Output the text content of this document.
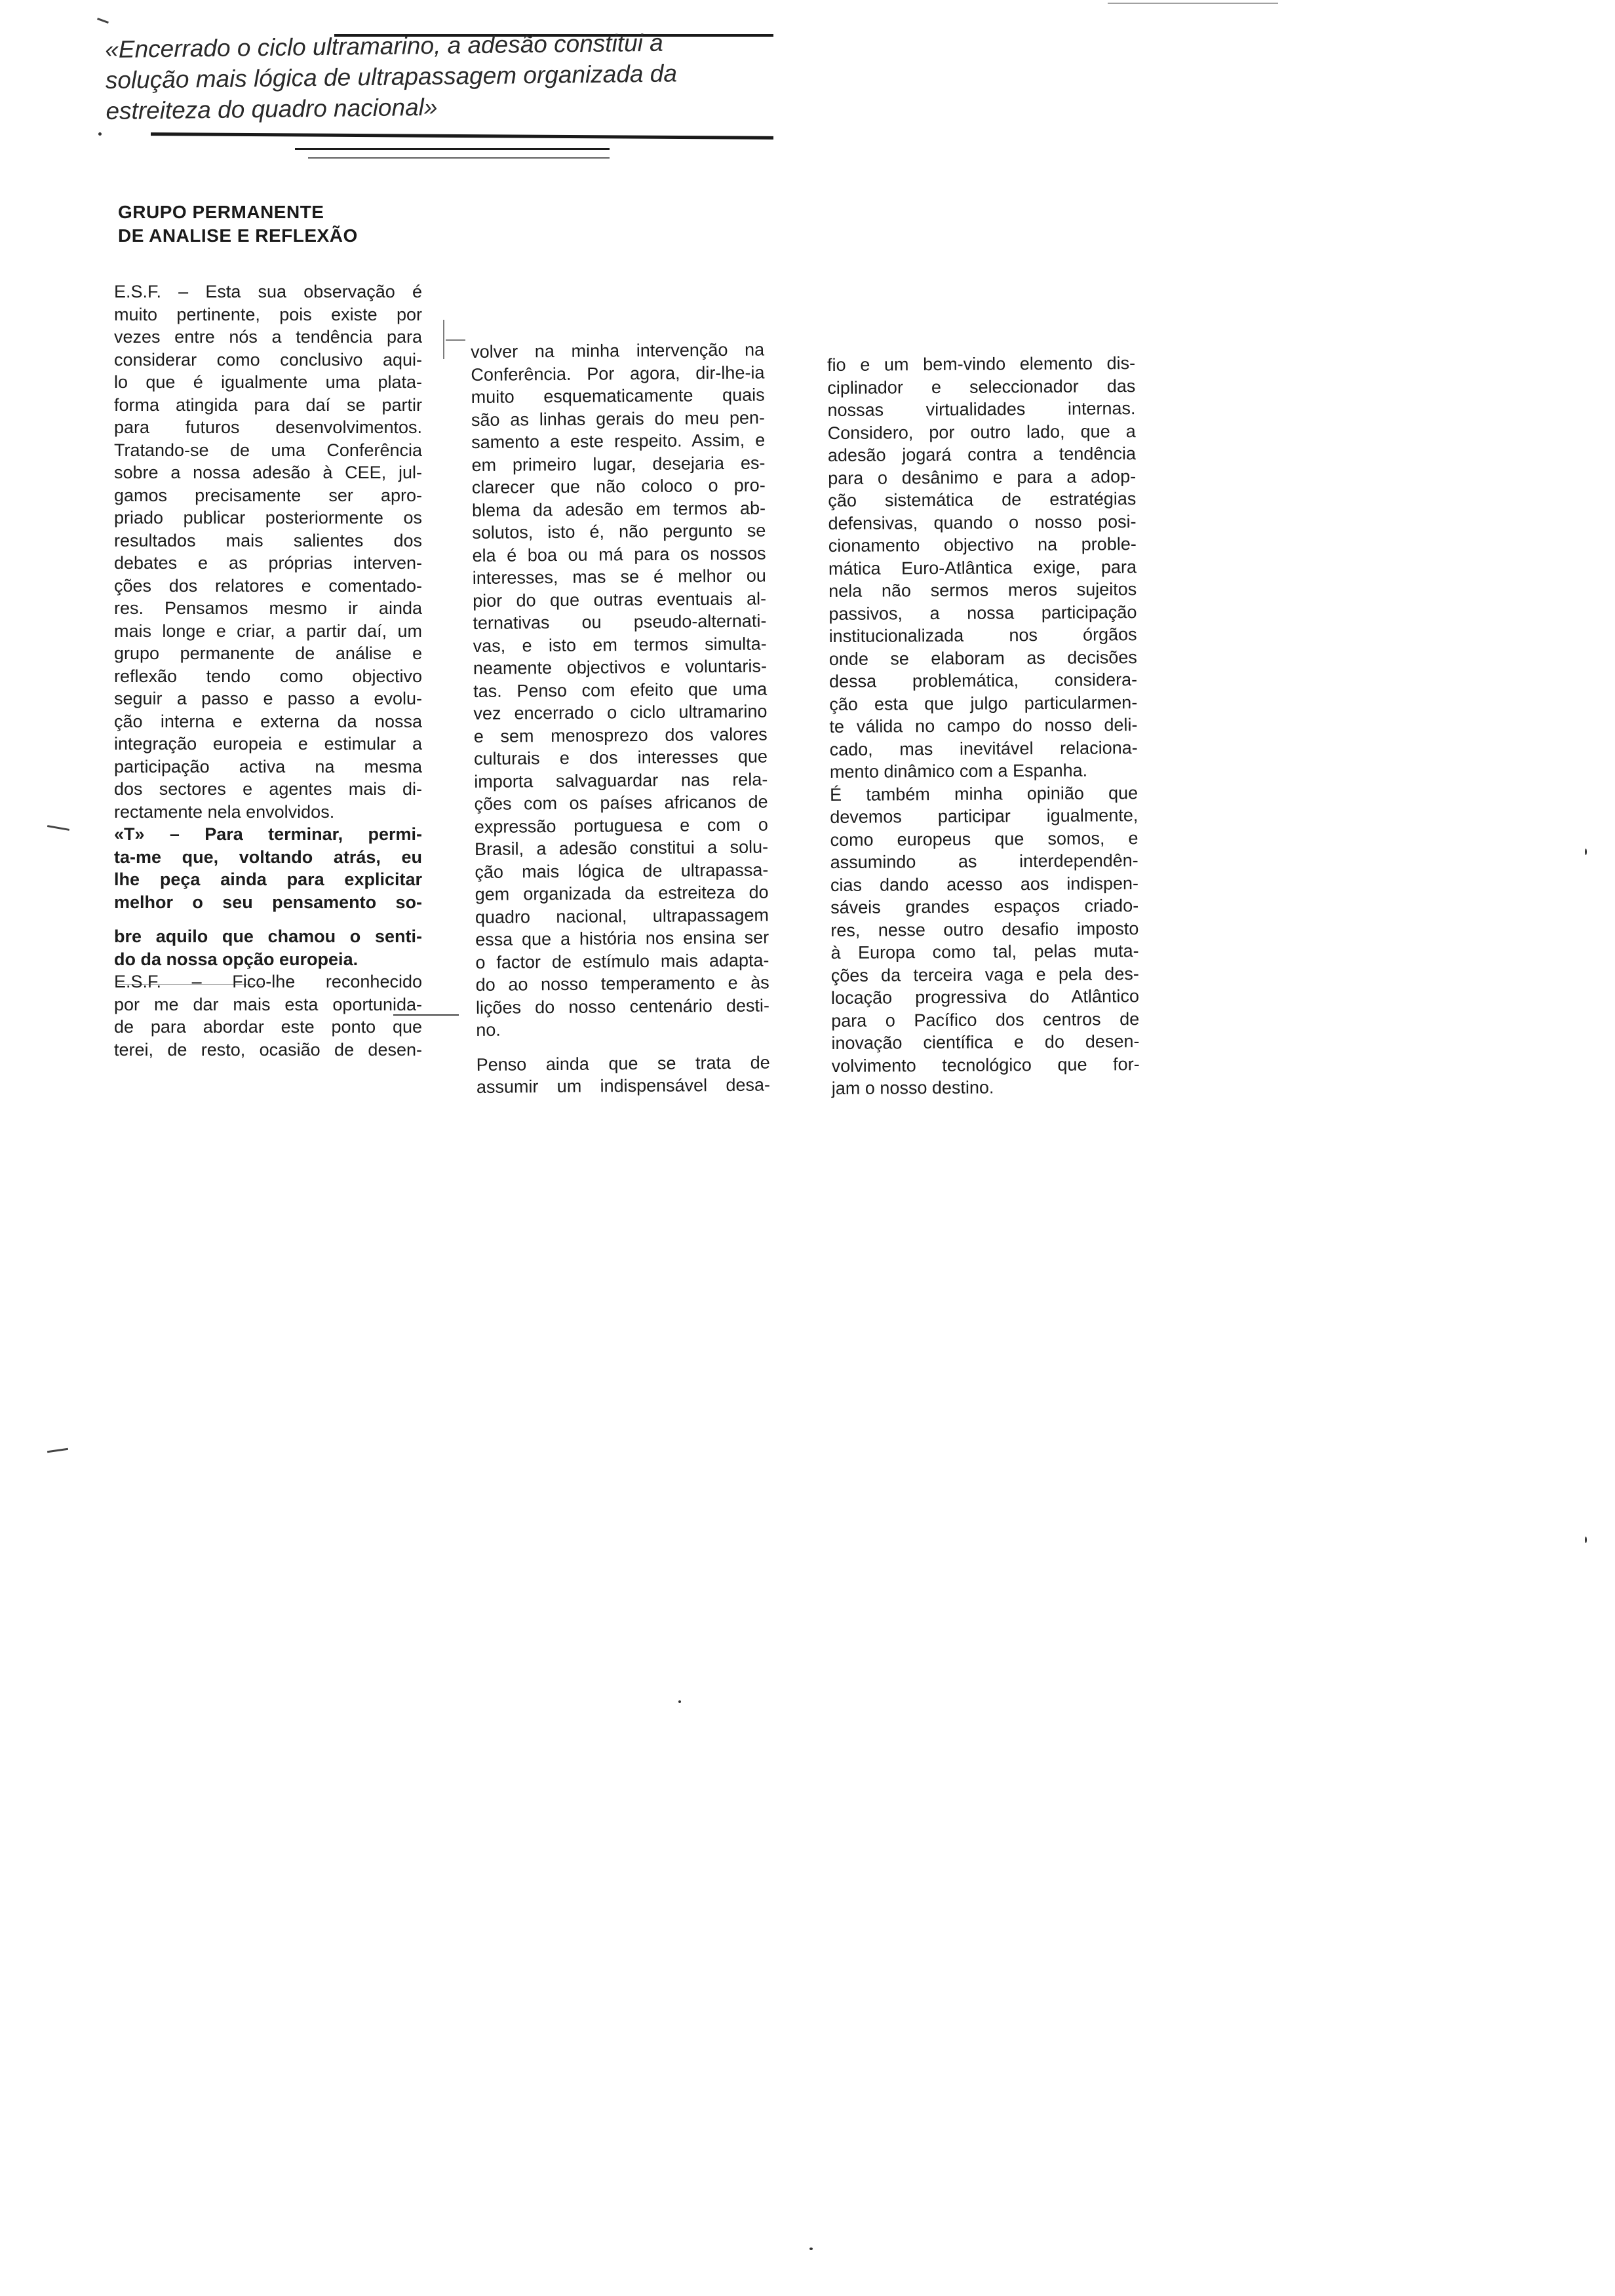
«Encerrado o ciclo ultramarino, a adesão constitui a
solução mais lógica de ultrapassagem organizada da
estreiteza do quadro nacional»
GRUPO PERMANENTE
DE ANALISE E REFLEXÃO
E.S.F. – Esta sua observação é
muito pertinente, pois existe por
vezes entre nós a tendência para
considerar como conclusivo aqui-
lo que é igualmente uma plata-
forma atingida para daí se partir
para futuros desenvolvimentos.
Tratando-se de uma Conferência
sobre a nossa adesão à CEE, jul-
gamos precisamente ser apro-
priado publicar posteriormente os
resultados mais salientes dos
debates e as próprias interven-
ções dos relatores e comentado-
res. Pensamos mesmo ir ainda
mais longe e criar, a partir daí, um
grupo permanente de análise e
reflexão tendo como objectivo
seguir a passo e passo a evolu-
ção interna e externa da nossa
integração europeia e estimular a
participação activa na mesma
dos sectores e agentes mais di-
rectamente nela envolvidos.
«T» – Para terminar, permi-
ta-me que, voltando atrás, eu
lhe peça ainda para explicitar
melhor o seu pensamento so-
bre aquilo que chamou o senti-
do da nossa opção europeia.
E.S.F. – Fico-lhe reconhecido
por me dar mais esta oportunida-
de para abordar este ponto que
terei, de resto, ocasião de desen-
volver na minha intervenção na
Conferência. Por agora, dir-lhe-ia
muito esquematicamente quais
são as linhas gerais do meu pen-
samento a este respeito. Assim, e
em primeiro lugar, desejaria es-
clarecer que não coloco o pro-
blema da adesão em termos ab-
solutos, isto é, não pergunto se
ela é boa ou má para os nossos
interesses, mas se é melhor ou
pior do que outras eventuais al-
ternativas ou pseudo-alternati-
vas, e isto em termos simulta-
neamente objectivos e voluntaris-
tas. Penso com efeito que uma
vez encerrado o ciclo ultramarino
e sem menosprezo dos valores
culturais e dos interesses que
importa salvaguardar nas rela-
ções com os países africanos de
expressão portuguesa e com o
Brasil, a adesão constitui a solu-
ção mais lógica de ultrapassa-
gem organizada da estreiteza do
quadro nacional, ultrapassagem
essa que a história nos ensina ser
o factor de estímulo mais adapta-
do ao nosso temperamento e às
lições do nosso centenário desti-
no.
Penso ainda que se trata de
assumir um indispensável desa-
fio e um bem-vindo elemento dis-
ciplinador e seleccionador das
nossas virtualidades internas.
Considero, por outro lado, que a
adesão jogará contra a tendência
para o desânimo e para a adop-
ção sistemática de estratégias
defensivas, quando o nosso posi-
cionamento objectivo na proble-
mática Euro-Atlântica exige, para
nela não sermos meros sujeitos
passivos, a nossa participação
institucionalizada nos órgãos
onde se elaboram as decisões
dessa problemática, considera-
ção esta que julgo particularmen-
te válida no campo do nosso deli-
cado, mas inevitável relaciona-
mento dinâmico com a Espanha.
É também minha opinião que
devemos participar igualmente,
como europeus que somos, e
assumindo as interdependên-
cias dando acesso aos indispen-
sáveis grandes espaços criado-
res, nesse outro desafio imposto
à Europa como tal, pelas muta-
ções da terceira vaga e pela des-
locação progressiva do Atlântico
para o Pacífico dos centros de
inovação científica e do desen-
volvimento tecnológico que for-
jam o nosso destino.
